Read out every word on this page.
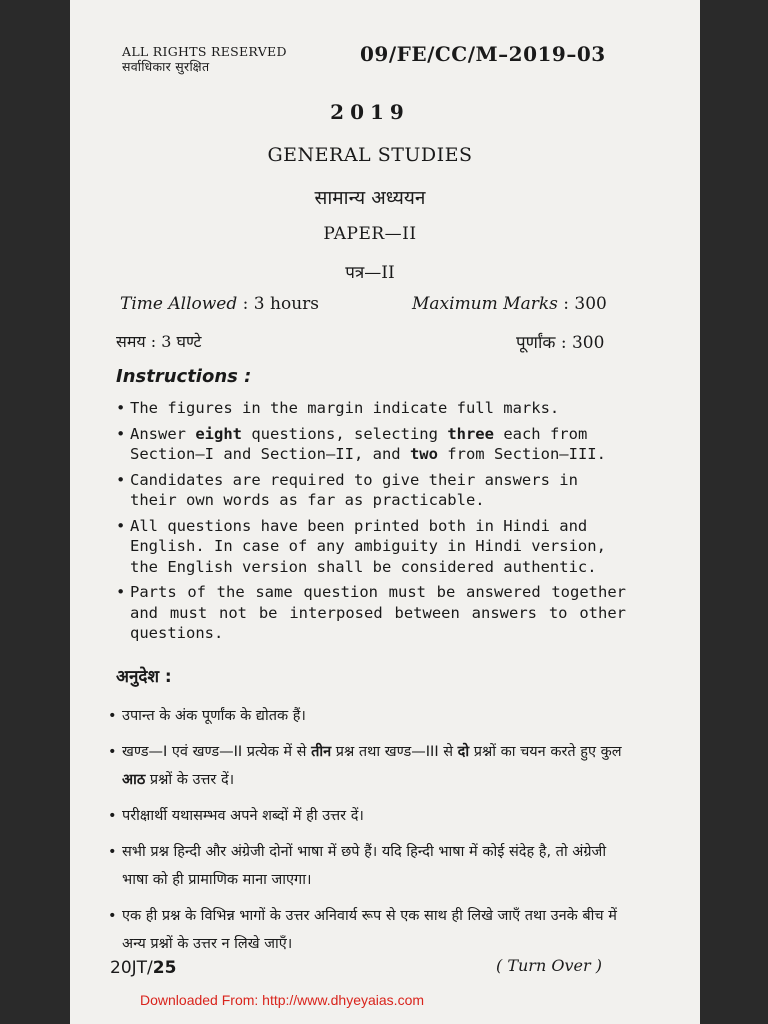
ALL RIGHTS RESERVED
सर्वाधिकार सुरक्षित
09/FE/CC/M–2019–03
2019
GENERAL STUDIES
सामान्य अध्ययन
PAPER—II
पत्र—II
Time Allowed : 3 hours	Maximum Marks : 300
समय : 3 घण्टे	पूर्णांक : 300
Instructions :
• The figures in the margin indicate full marks.
• Answer eight questions, selecting three each from Section—I and Section—II, and two from Section—III.
• Candidates are required to give their answers in their own words as far as practicable.
• All questions have been printed both in Hindi and English. In case of any ambiguity in Hindi version, the English version shall be considered authentic.
• Parts of the same question must be answered together and must not be interposed between answers to other questions.
अनुदेश :
• उपान्त के अंक पूर्णांक के द्योतक हैं।
• खण्ड—I एवं खण्ड—II प्रत्येक में से तीन प्रश्न तथा खण्ड—III से दो प्रश्नों का चयन करते हुए कुल आठ प्रश्नों के उत्तर दें।
• परीक्षार्थी यथासम्भव अपने शब्दों में ही उत्तर दें।
• सभी प्रश्न हिन्दी और अंग्रेजी दोनों भाषा में छपे हैं। यदि हिन्दी भाषा में कोई संदेह है, तो अंग्रेजी भाषा को ही प्रामाणिक माना जाएगा।
• एक ही प्रश्न के विभिन्न भागों के उत्तर अनिवार्य रूप से एक साथ ही लिखे जाएँ तथा उनके बीच में अन्य प्रश्नों के उत्तर न लिखे जाएँ।
20JT/25	( Turn Over )
Downloaded From: http://www.dhyeyaias.com
